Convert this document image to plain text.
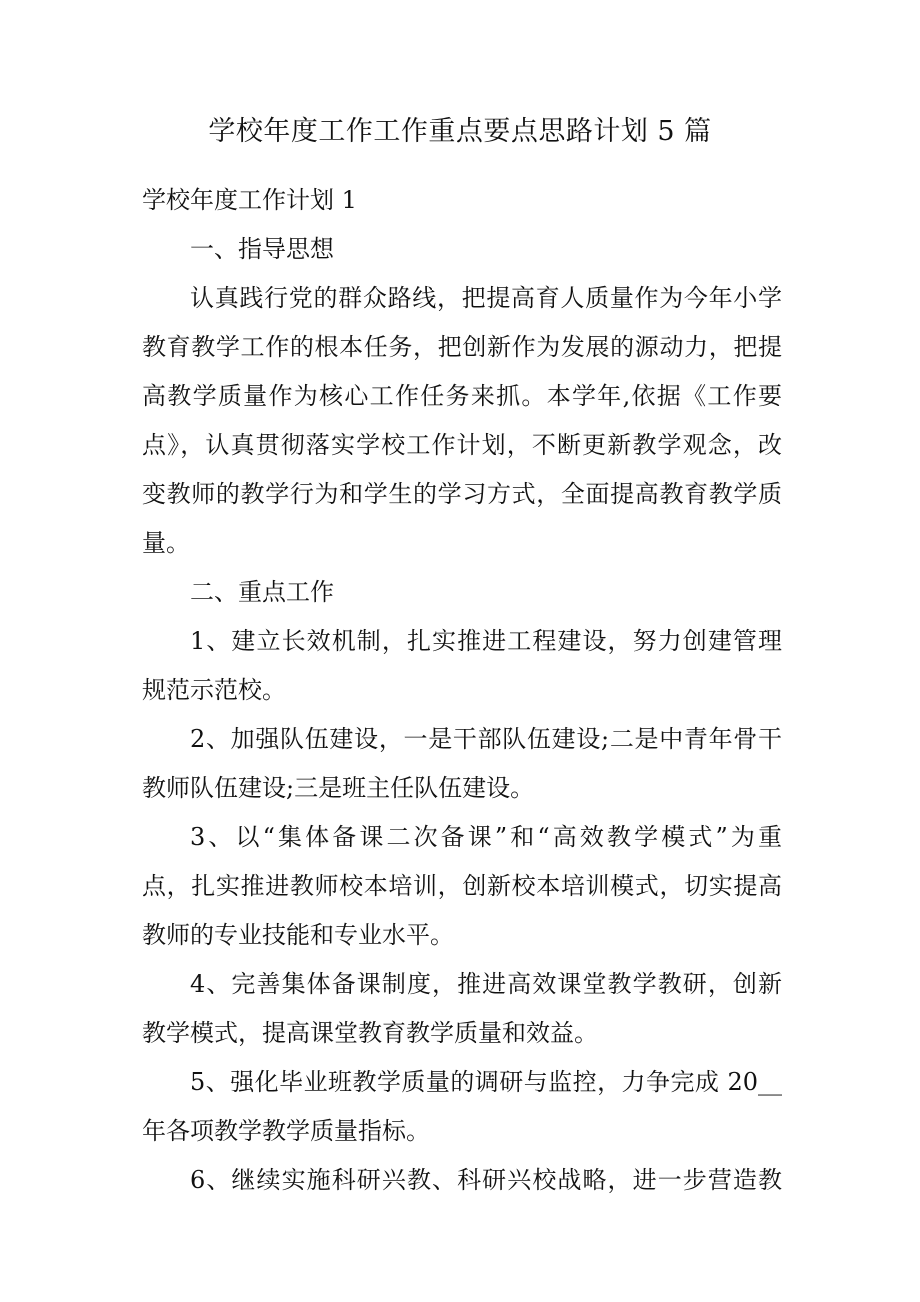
学校年度工作工作重点要点思路计划 5 篇
学校年度工作计划 1
一、指导思想
认真践行党的群众路线，把提高育人质量作为今年小学
教育教学工作的根本任务，把创新作为发展的源动力，把提
高教学质量作为核心工作任务来抓。本学年,依据《工作要
点》，认真贯彻落实学校工作计划，不断更新教学观念，改
变教师的教学行为和学生的学习方式，全面提高教育教学质
量。
二、重点工作
1、建立长效机制，扎实推进工程建设，努力创建管理
规范示范校。
2、加强队伍建设，一是干部队伍建设;二是中青年骨干
教师队伍建设;三是班主任队伍建设。
3、以“集体备课二次备课”和“高效教学模式”为重
点，扎实推进教师校本培训，创新校本培训模式，切实提高
教师的专业技能和专业水平。
4、完善集体备课制度，推进高效课堂教学教研，创新
教学模式，提高课堂教育教学质量和效益。
5、强化毕业班教学质量的调研与监控，力争完成 20__
年各项教学教学质量指标。
6、继续实施科研兴教、科研兴校战略，进一步营造教
